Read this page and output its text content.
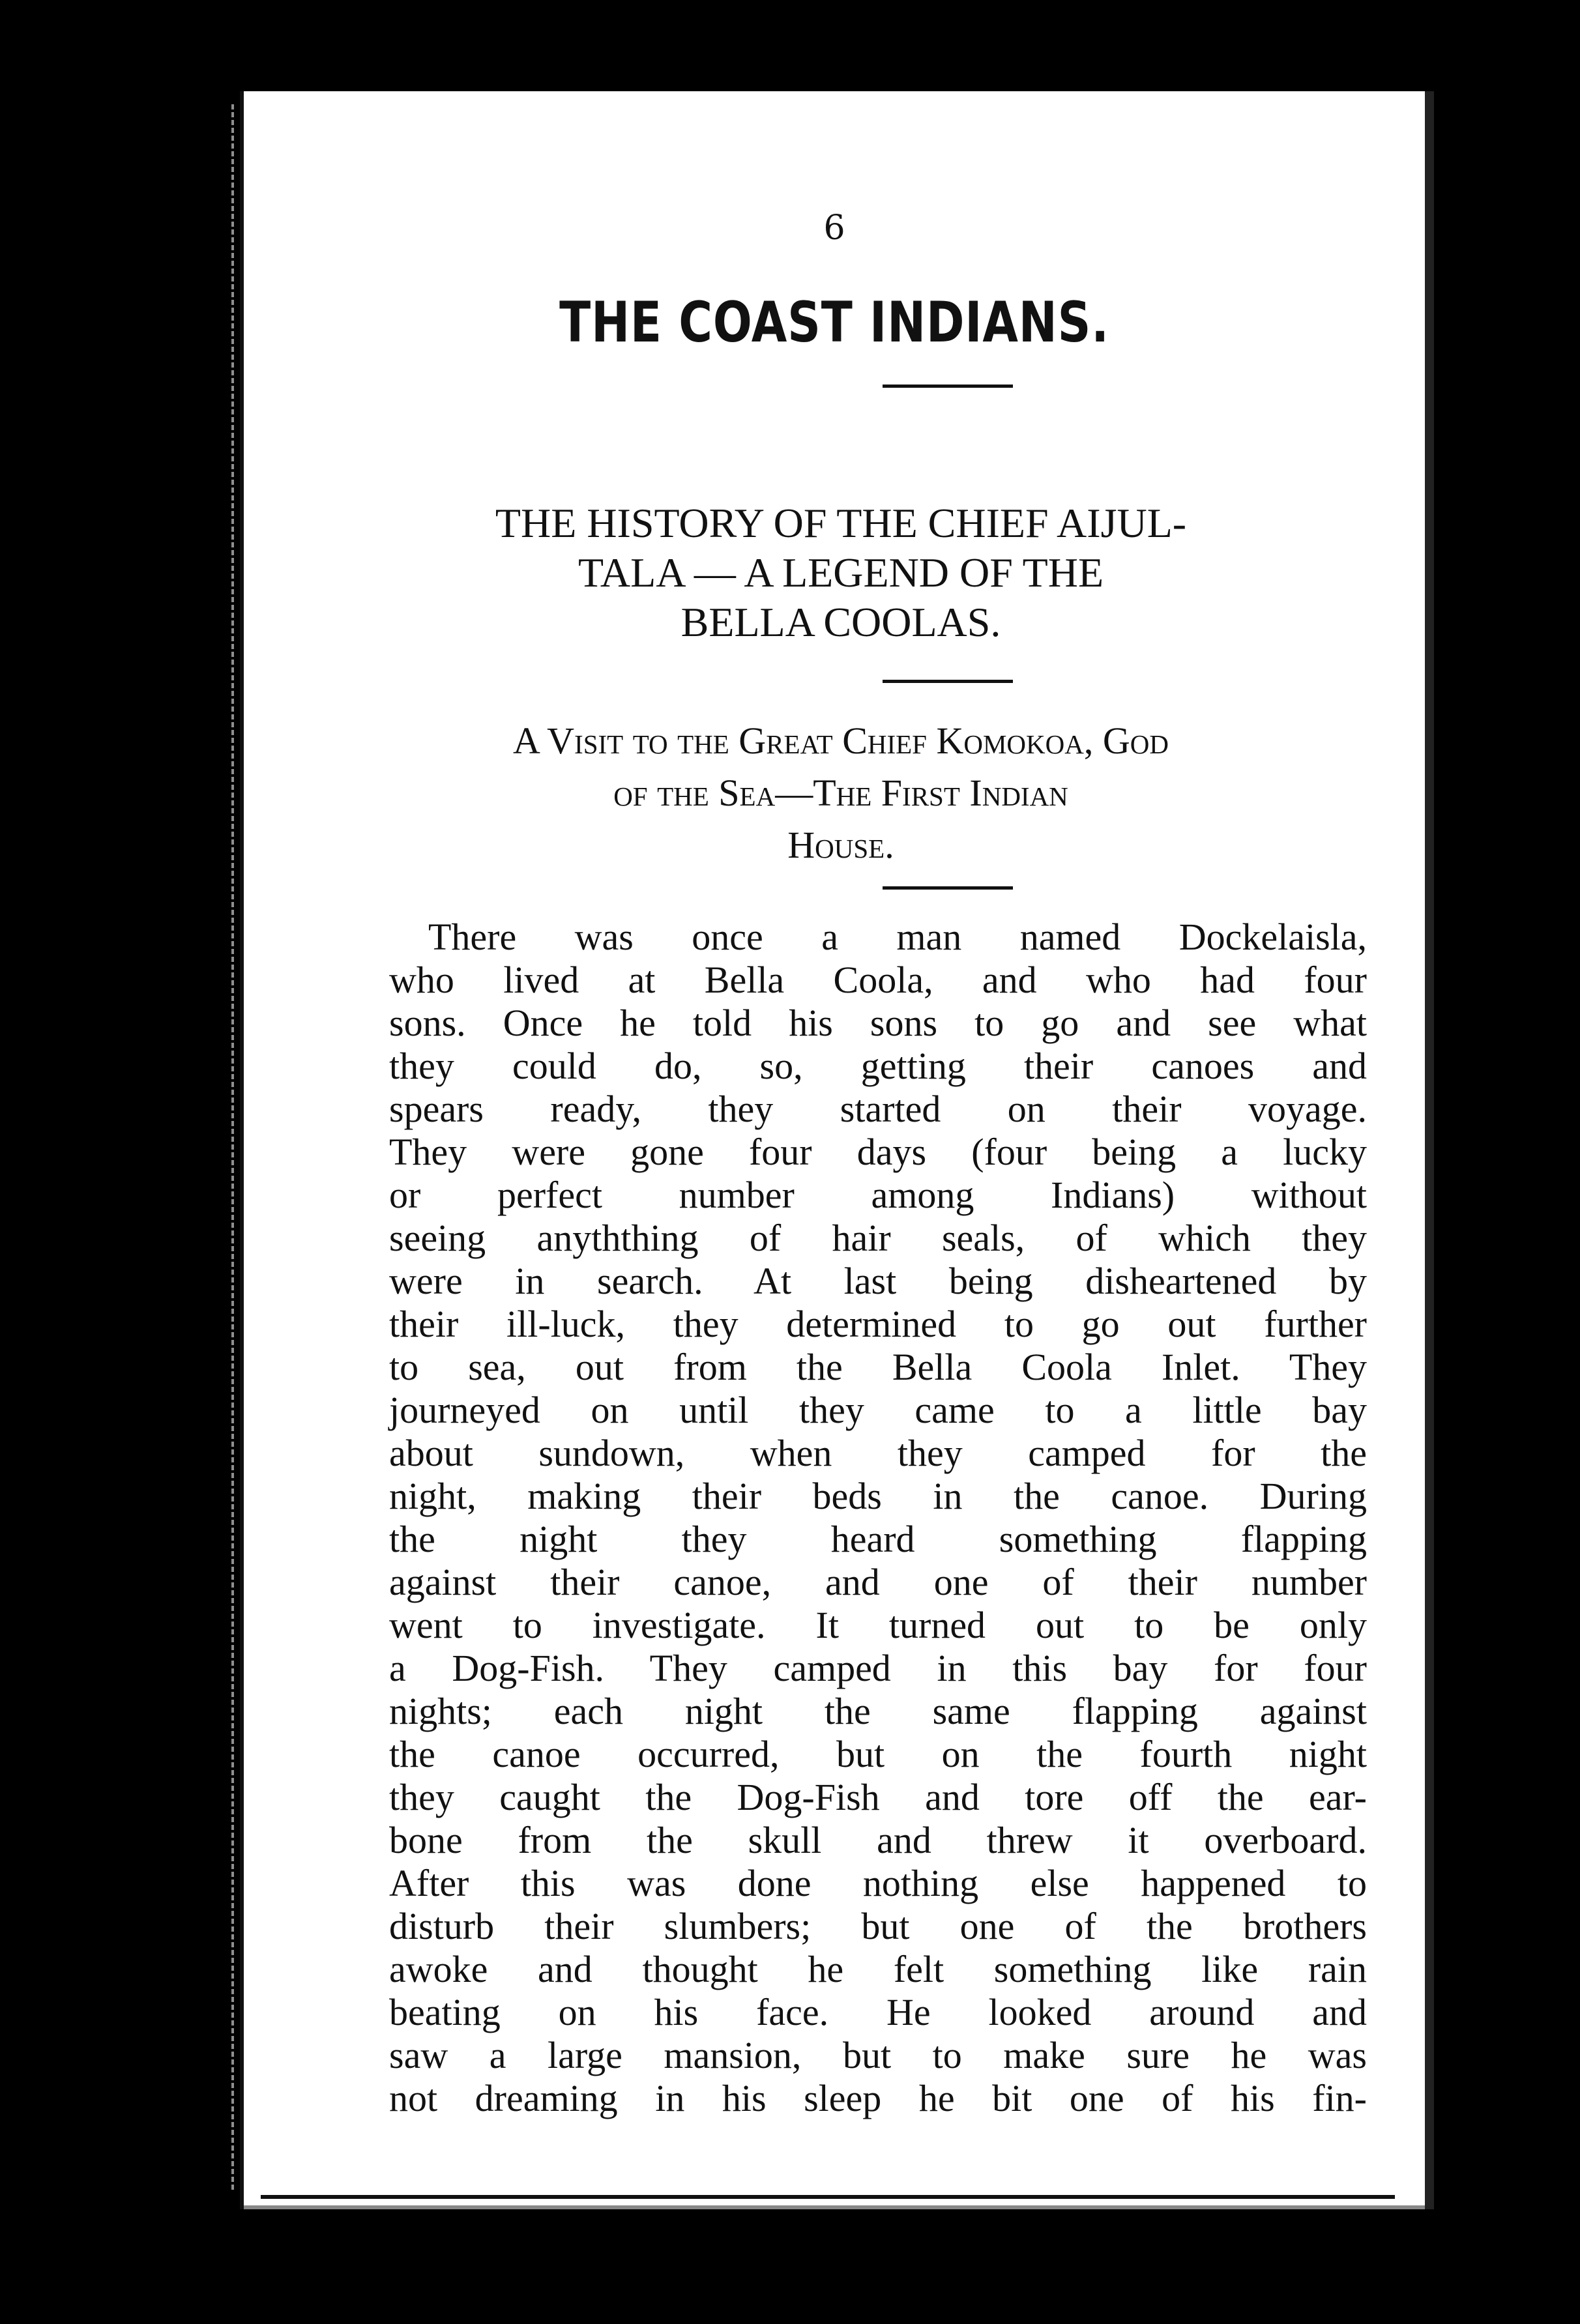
6
THE COAST INDIANS.
THE HISTORY OF THE CHIEF AIJUL-
TALA — A LEGEND OF THE
BELLA COOLAS.
A Visit to the Great Chief Komokoa, God
of the Sea—The First Indian
House.
There was once a man named Dockelaisla,
who lived at Bella Coola, and who had four
sons. Once he told his sons to go and see what
they could do, so, getting their canoes and
spears ready, they started on their voyage.
They were gone four days (four being a lucky
or perfect number among Indians) without
seeing anyththing of hair seals, of which they
were in search. At last being disheartened by
their ill-luck, they determined to go out further
to sea, out from the Bella Coola Inlet. They
journeyed on until they came to a little bay
about sundown, when they camped for the
night, making their beds in the canoe. During
the night they heard something flapping
against their canoe, and one of their number
went to investigate. It turned out to be only
a Dog-Fish. They camped in this bay for four
nights; each night the same flapping against
the canoe occurred, but on the fourth night
they caught the Dog-Fish and tore off the ear-
bone from the skull and threw it overboard.
After this was done nothing else happened to
disturb their slumbers; but one of the brothers
awoke and thought he felt something like rain
beating on his face. He looked around and
saw a large mansion, but to make sure he was
not dreaming in his sleep he bit one of his fin-
